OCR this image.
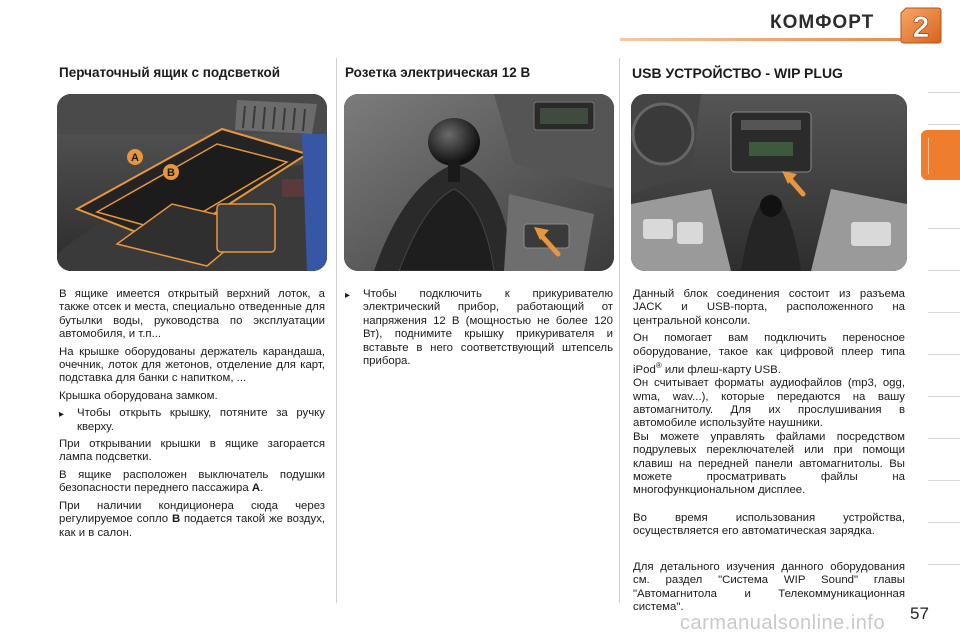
КОМФОРТ 2
Перчаточный ящик с подсветкой
A
B

В ящике имеется открытый верхний лоток, а также отсек и места, специально отведенные для бутылки воды, руководства по эксплуатации автомобиля, и т.п...

На крышке оборудованы держатель карандаша, очечник, лоток для жетонов, отделение для карт, подставка для банки с напитком, ...

Крышка оборудована замком.

▸	Чтобы открыть крышку, потяните за ручку кверху.

При открывании крышки в ящике загорается лампа подсветки.

В ящике расположен выключатель подушки безопасности переднего пассажира A.

При наличии кондиционера сюда через регулируемое сопло B подается такой же воздух, как и в салон.

Розетка электрическая 12 В
▸	Чтобы подключить к прикуривателю электрический прибор, работающий от напряжения 12 В (мощностью не более 120 Вт), поднимите крышку прикуривателя и вставьте в него соответствующий штепсель прибора.
USB УСТРОЙСТВО - WIP PLUG

Данный блок соединения состоит из разъема JACK и USB-порта, расположенного на центральной консоли.

Он помогает вам подключить переносное оборудование, такое как цифровой плеер типа iPod® или флеш-карту USB.

Он считывает форматы аудиофайлов (mp3, ogg, wma, wav...), которые передаются на вашу автомагнитолу. Для их прослушивания в автомобиле используйте наушники.

Вы можете управлять файлами посредством подрулевых переключателей или при помощи клавиш на передней панели автомагнитолы. Вы можете просматривать файлы на многофункциональном дисплее.

Во время использования устройства, осуществляется его автоматическая зарядка.

Для детального изучения данного оборудования см. раздел "Система WIP Sound" главы "Автомагнитола и Телекоммуникационная система".

carmanualsonline.info 57
